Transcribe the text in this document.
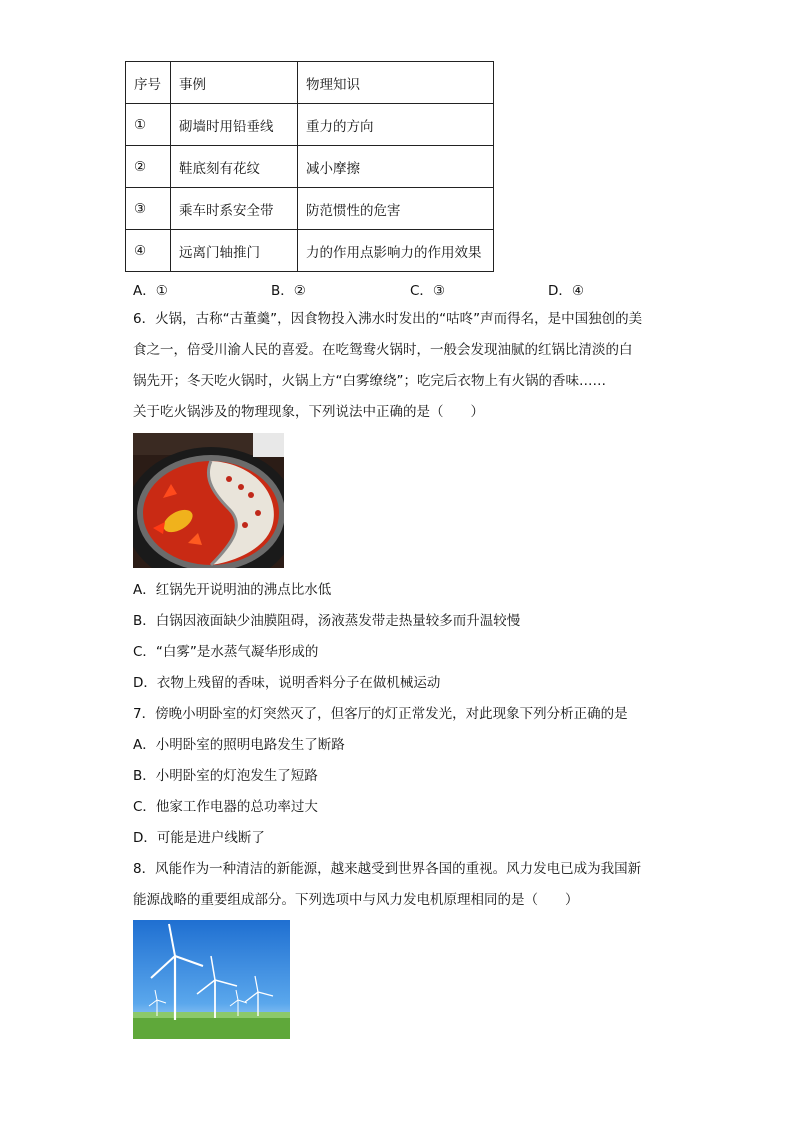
序号	事例	物理知识
①	砌墙时用铅垂线	重力的方向
②	鞋底刻有花纹	减小摩擦
③	乘车时系安全带	防范惯性的危害
④	远离门轴推门	力的作用点影响力的作用效果
A．①	B．②	C．③	D．④
6．火锅，古称“古董羹”，因食物投入沸水时发出的“咕咚”声而得名，是中国独创的美
食之一，倍受川渝人民的喜爱。在吃鸳鸯火锅时，一般会发现油腻的红锅比清淡的白
锅先开；冬天吃火锅时，火锅上方“白雾缭绕”；吃完后衣物上有火锅的香味……
关于吃火锅涉及的物理现象，下列说法中正确的是（　　）
A．红锅先开说明油的沸点比水低
B．白锅因液面缺少油膜阻碍，汤液蒸发带走热量较多而升温较慢
C．“白雾”是水蒸气凝华形成的
D．衣物上残留的香味，说明香料分子在做机械运动
7．傍晚小明卧室的灯突然灭了，但客厅的灯正常发光，对此现象下列分析正确的是
A．小明卧室的照明电路发生了断路
B．小明卧室的灯泡发生了短路
C．他家工作电器的总功率过大
D．可能是进户线断了
8．风能作为一种清洁的新能源，越来越受到世界各国的重视。风力发电已成为我国新
能源战略的重要组成部分。下列选项中与风力发电机原理相同的是（　　）
